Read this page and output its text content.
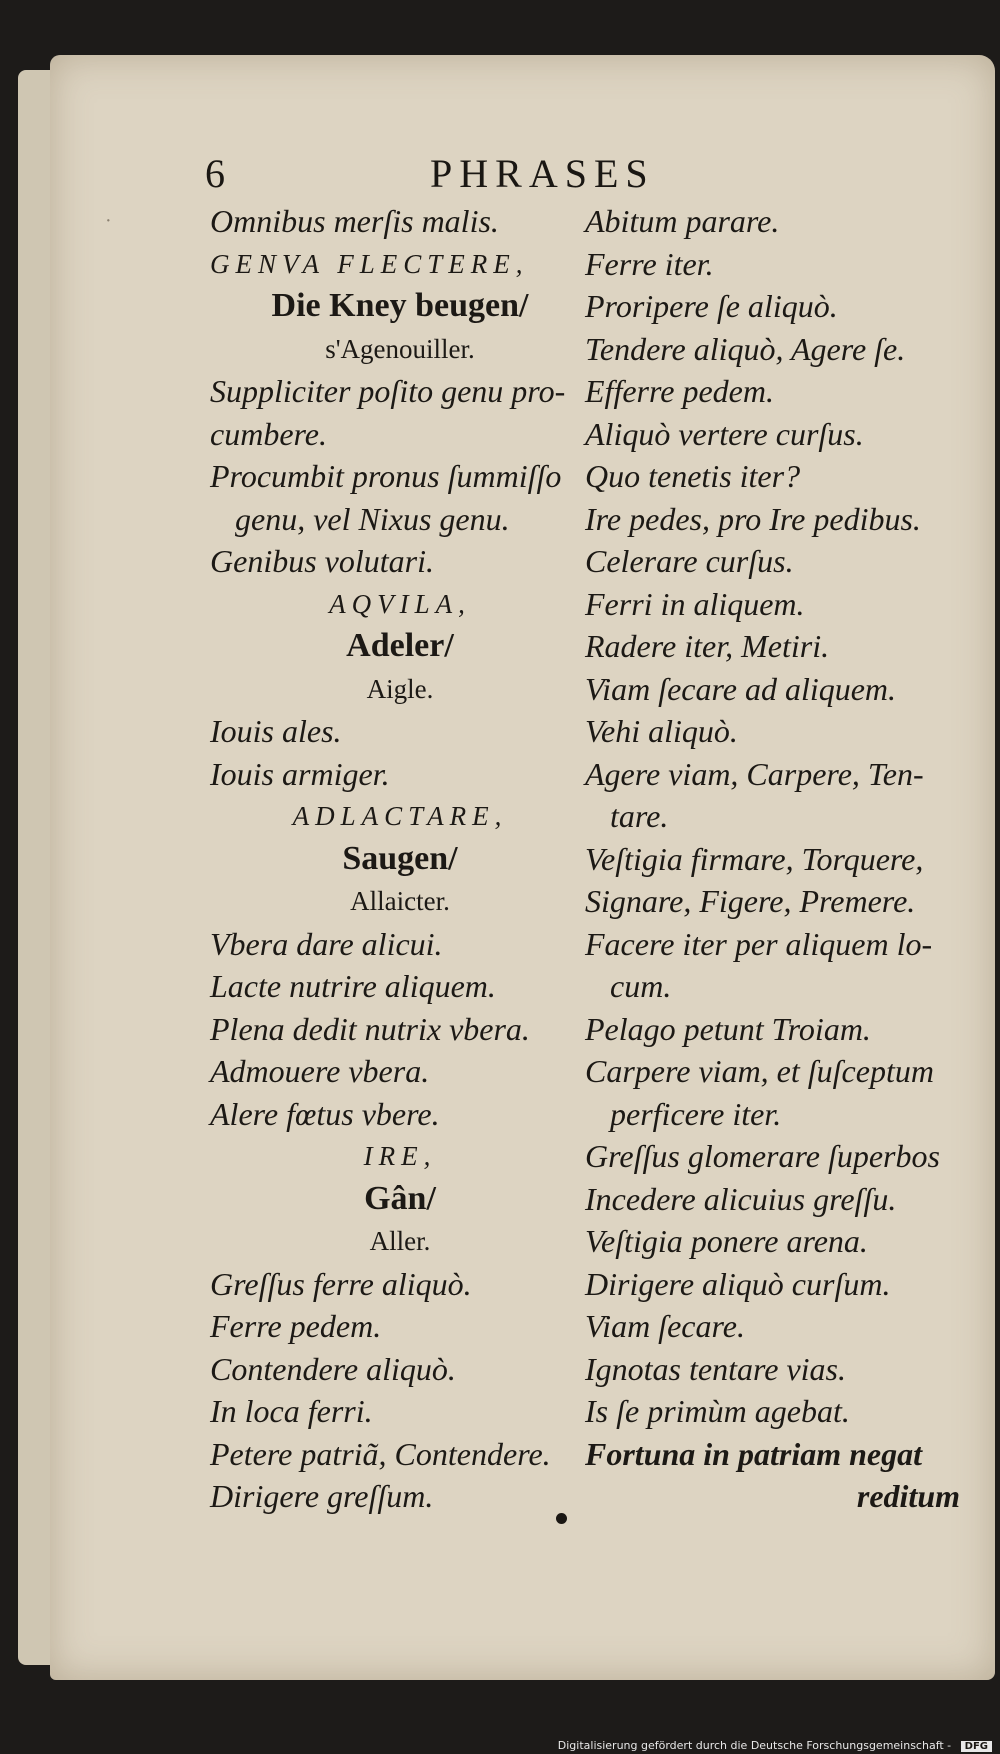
·
6	PHRASES
Omnibus merſis malis.
GENVA FLECTERE,
Die Kney beugen/
s'Agenouiller.
Suppliciter poſito genu pro-
cumbere.
Procumbit pronus ſummiſſo
genu, vel Nixus genu.
Genibus volutari.
AQVILA,
Adeler/
Aigle.
Iouis ales.
Iouis armiger.
ADLACTARE,
Saugen/
Allaicter.
Vbera dare alicui.
Lacte nutrire aliquem.
Plena dedit nutrix vbera.
Admouere vbera.
Alere fœtus vbere.
IRE,
Gân/
Aller.
Greſſus ferre aliquò.
Ferre pedem.
Contendere aliquò.
In loca ferri.
Petere patriã, Contendere.
Dirigere greſſum.
Abitum parare.
Ferre iter.
Proripere ſe aliquò.
Tendere aliquò, Agere ſe.
Efferre pedem.
Aliquò vertere curſus.
Quo tenetis iter?
Ire pedes, pro Ire pedibus.
Celerare curſus.
Ferri in aliquem.
Radere iter, Metiri.
Viam ſecare ad aliquem.
Vehi aliquò.
Agere viam, Carpere, Ten-
tare.
Veſtigia firmare, Torquere,
Signare, Figere, Premere.
Facere iter per aliquem lo-
cum.
Pelago petunt Troiam.
Carpere viam, et ſuſceptum
perficere iter.
Greſſus glomerare ſuperbos
Incedere alicuius greſſu.
Veſtigia ponere arena.
Dirigere aliquò curſum.
Viam ſecare.
Ignotas tentare vias.
Is ſe primùm agebat.
Fortuna in patriam negat
reditum
Digitalisierung gefördert durch die Deutsche Forschungsgemeinschaft - DFG
